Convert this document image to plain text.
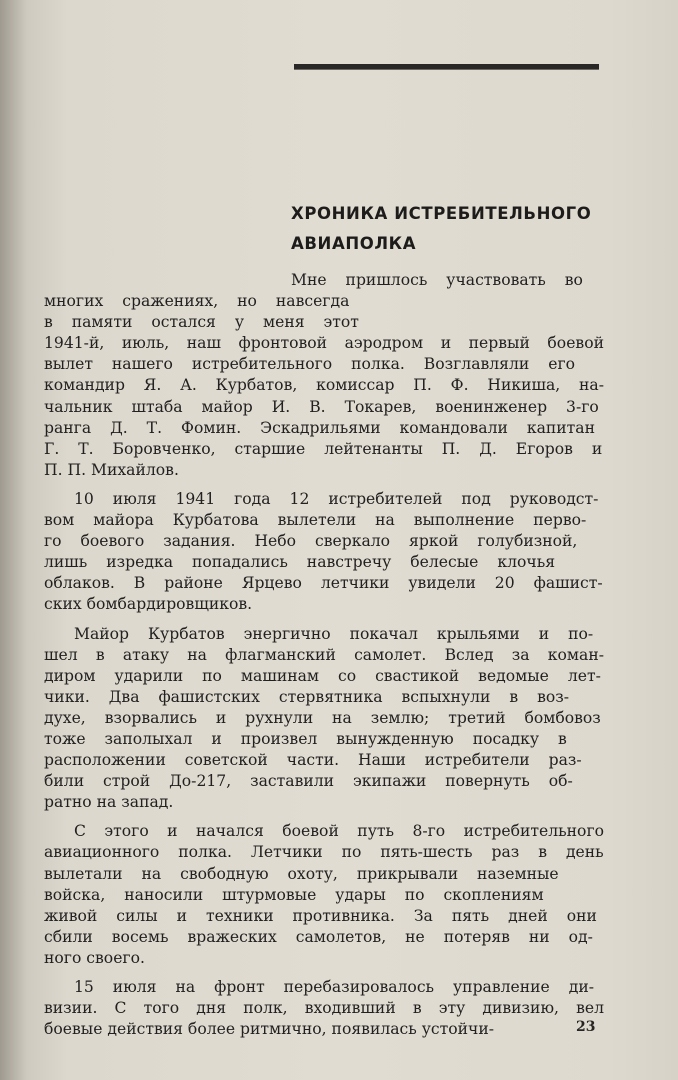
ХРОНИКА ИСТРЕБИТЕЛЬНОГО
АВИАПОЛКА
Мне пришлось участвовать во
многих сражениях, но навсегда
в памяти остался у меня этот
1941-й, июль, наш фронтовой аэродром и первый боевой
вылет нашего истребительного полка. Возглавляли его
командир Я. А. Курбатов, комиссар П. Ф. Никиша, на-
чальник штаба майор И. В. Токарев, военинженер 3-го
ранга Д. Т. Фомин. Эскадрильями командовали капитан
Г. Т. Боровченко, старшие лейтенанты П. Д. Егоров и
П. П. Михайлов.
10 июля 1941 года 12 истребителей под руководст-
вом майора Курбатова вылетели на выполнение перво-
го боевого задания. Небо сверкало яркой голубизной,
лишь изредка попадались навстречу белесые клочья
облаков. В районе Ярцево летчики увидели 20 фашист-
ских бомбардировщиков.
Майор Курбатов энергично покачал крыльями и по-
шел в атаку на флагманский самолет. Вслед за коман-
диром ударили по машинам со свастикой ведомые лет-
чики. Два фашистских стервятника вспыхнули в воз-
духе, взорвались и рухнули на землю; третий бомбовоз
тоже заполыхал и произвел вынужденную посадку в
расположении советской части. Наши истребители раз-
били строй До-217, заставили экипажи повернуть об-
ратно на запад.
С этого и начался боевой путь 8-го истребительного
авиационного полка. Летчики по пять-шесть раз в день
вылетали на свободную охоту, прикрывали наземные
войска, наносили штурмовые удары по скоплениям
живой силы и техники противника. За пять дней они
сбили восемь вражеских самолетов, не потеряв ни од-
ного своего.
15 июля на фронт перебазировалось управление ди-
визии. С того дня полк, входивший в эту дивизию, вел
боевые действия более ритмично, появилась устойчи-	23
